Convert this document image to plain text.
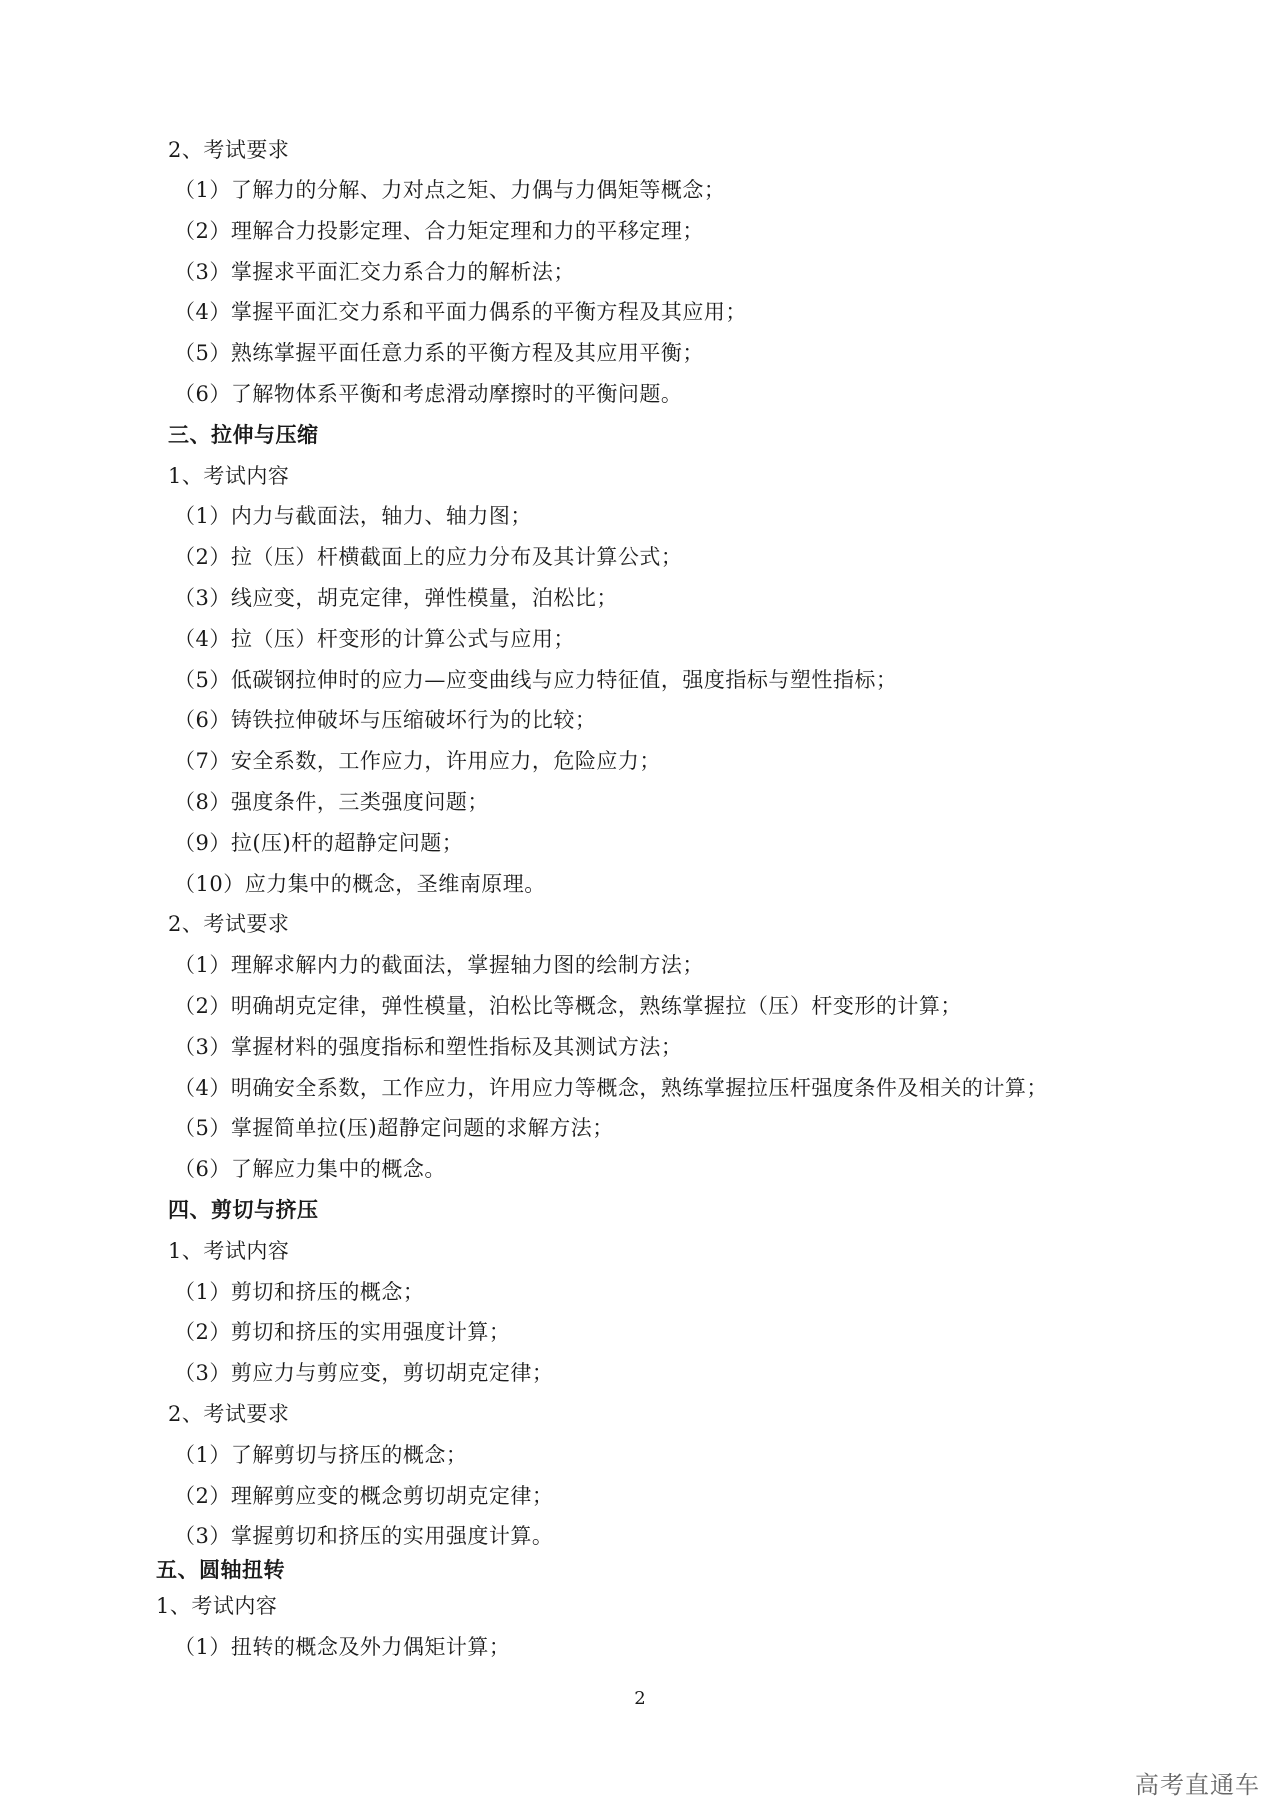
2、考试要求
（1）了解力的分解、力对点之矩、力偶与力偶矩等概念；
（2）理解合力投影定理、合力矩定理和力的平移定理；
（3）掌握求平面汇交力系合力的解析法；
（4）掌握平面汇交力系和平面力偶系的平衡方程及其应用；
（5）熟练掌握平面任意力系的平衡方程及其应用平衡；
（6）了解物体系平衡和考虑滑动摩擦时的平衡问题。
三、拉伸与压缩
1、考试内容
（1）内力与截面法，轴力、轴力图；
（2）拉（压）杆横截面上的应力分布及其计算公式；
（3）线应变，胡克定律，弹性模量，泊松比；
（4）拉（压）杆变形的计算公式与应用；
（5）低碳钢拉伸时的应力—应变曲线与应力特征值，强度指标与塑性指标；
（6）铸铁拉伸破坏与压缩破坏行为的比较；
（7）安全系数，工作应力，许用应力，危险应力；
（8）强度条件，三类强度问题；
（9）拉(压)杆的超静定问题；
（10）应力集中的概念，圣维南原理。
2、考试要求
（1）理解求解内力的截面法，掌握轴力图的绘制方法；
（2）明确胡克定律，弹性模量，泊松比等概念，熟练掌握拉（压）杆变形的计算；
（3）掌握材料的强度指标和塑性指标及其测试方法；
（4）明确安全系数，工作应力，许用应力等概念，熟练掌握拉压杆强度条件及相关的计算；
（5）掌握简单拉(压)超静定问题的求解方法；
（6）了解应力集中的概念。
四、剪切与挤压
1、考试内容
（1）剪切和挤压的概念；
（2）剪切和挤压的实用强度计算；
（3）剪应力与剪应变，剪切胡克定律；
2、考试要求
（1）了解剪切与挤压的概念；
（2）理解剪应变的概念剪切胡克定律；
（3）掌握剪切和挤压的实用强度计算。
五、圆轴扭转
1、考试内容
（1）扭转的概念及外力偶矩计算；
2
高考直通车
